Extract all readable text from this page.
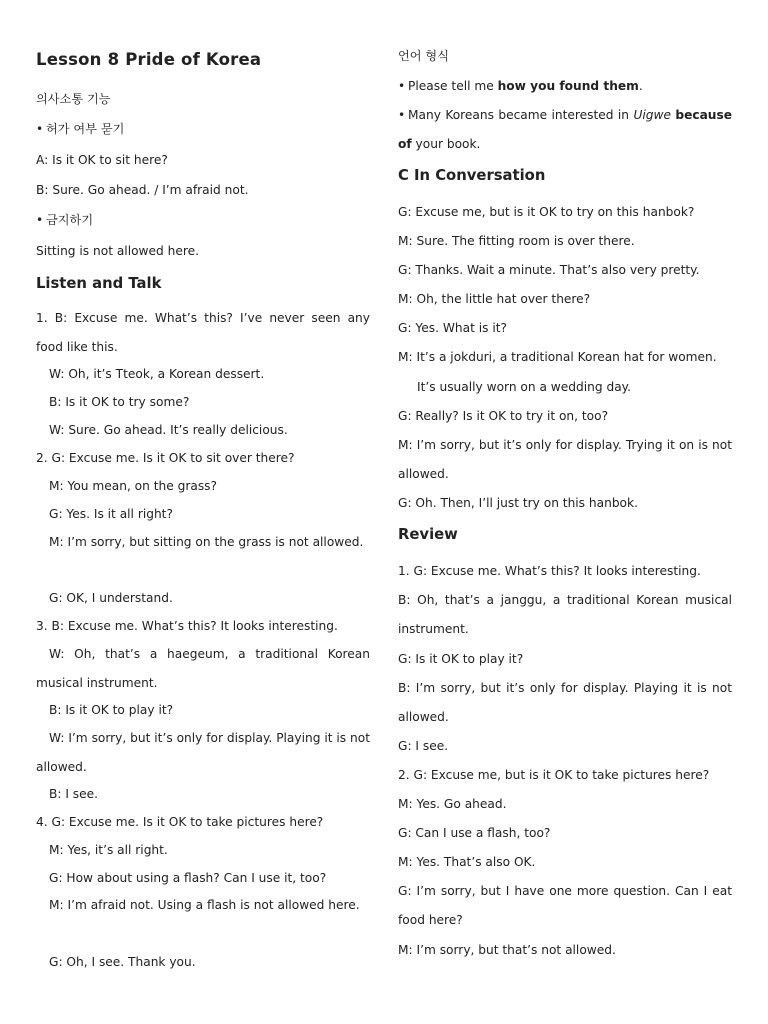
Lesson 8 Pride of Korea
의사소통 기능
• 허가 여부 묻기
A: Is it OK to sit here?
B: Sure. Go ahead. / I’m afraid not.
• 금지하기
Sitting is not allowed here.
Listen and Talk
1. B: Excuse me. What’s this? I’ve never seen any food like this.
W: Oh, it’s Tteok, a Korean dessert.
B: Is it OK to try some?
W: Sure. Go ahead. It’s really delicious.
2. G: Excuse me. Is it OK to sit over there?
M: You mean, on the grass?
G: Yes. Is it all right?
M: I’m sorry, but sitting on the grass is not allowed.
G: OK, I understand.
3. B: Excuse me. What’s this? It looks interesting.
W: Oh, that’s a haegeum, a traditional Korean musical instrument.
B: Is it OK to play it?
W: I’m sorry, but it’s only for display. Playing it is not allowed.
B: I see.
4. G: Excuse me. Is it OK to take pictures here?
M: Yes, it’s all right.
G: How about using a flash? Can I use it, too?
M: I’m afraid not. Using a flash is not allowed here.
G: Oh, I see. Thank you.
언어 형식
• Please tell me how you found them.
• Many Koreans became interested in Uigwe because of your book.
C In Conversation
G: Excuse me, but is it OK to try on this hanbok?
M: Sure. The fitting room is over there.
G: Thanks. Wait a minute. That’s also very pretty.
M: Oh, the little hat over there?
G: Yes. What is it?
M: It’s a jokduri, a traditional Korean hat for women.
It’s usually worn on a wedding day.
G: Really? Is it OK to try it on, too?
M: I’m sorry, but it’s only for display. Trying it on is not allowed.
G: Oh. Then, I’ll just try on this hanbok.
Review
1. G: Excuse me. What’s this? It looks interesting.
B: Oh, that’s a janggu, a traditional Korean musical instrument.
G: Is it OK to play it?
B: I’m sorry, but it’s only for display. Playing it is not allowed.
G: I see.
2. G: Excuse me, but is it OK to take pictures here?
M: Yes. Go ahead.
G: Can I use a flash, too?
M: Yes. That’s also OK.
G: I’m sorry, but I have one more question. Can I eat food here?
M: I’m sorry, but that’s not allowed.
